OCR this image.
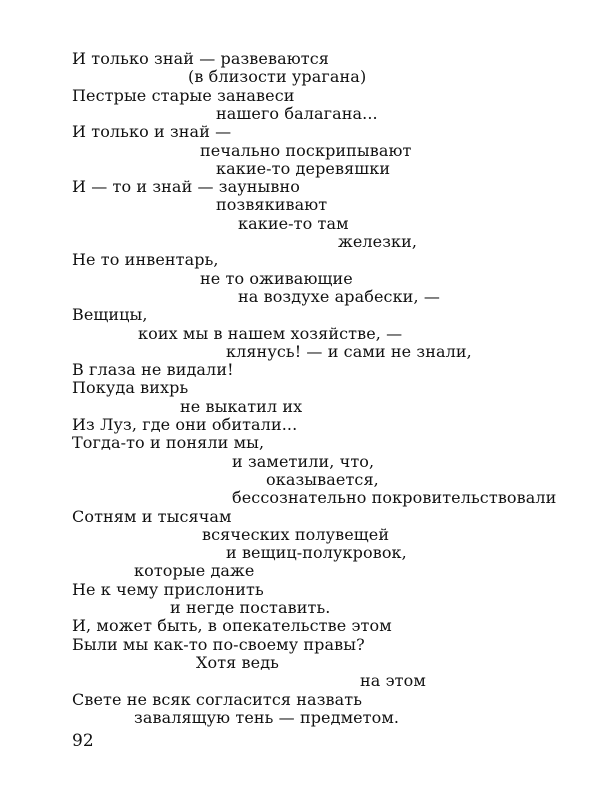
И только знай — развеваются
(в близости урагана)
Пестрые старые занавеси
нашего балагана...
И только и знай —
печально поскрипывают
какие-то деревяшки
И — то и знай — заунывно
позвякивают
какие-то там
железки,
Не то инвентарь,
не то оживающие
на воздухе арабески, —
Вещицы,
коих мы в нашем хозяйстве, —
клянусь! — и сами не знали,
В глаза не видали!
Покуда вихрь
не выкатил их
Из Луз, где они обитали...
Тогда-то и поняли мы,
и заметили, что,
оказывается,
бессознательно покровительствовали
Сотням и тысячам
всяческих полувещей
и вещиц-полукровок,
которые даже
Не к чему прислонить
и негде поставить.
И, может быть, в опекательстве этом
Были мы как-то по-своему правы?
Хотя ведь
на этом
Свете не всяк согласится назвать
завалящую тень — предметом.
92
